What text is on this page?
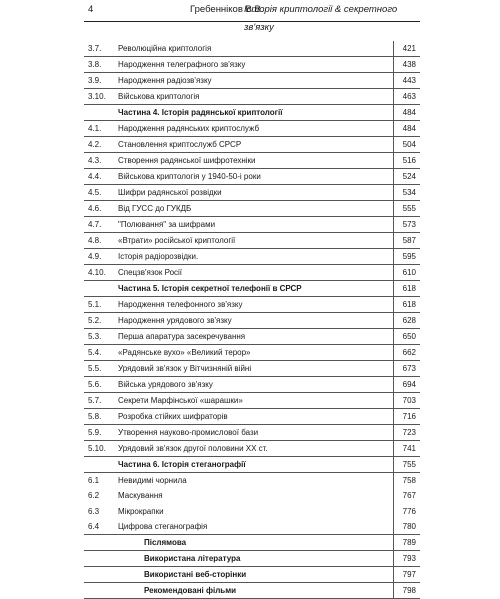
4	Гребенніков В.В.
Історія криптології & секретного зв'язку
3.7.	Революційна криптологія	421
3.8.	Народження телеграфного зв'язку	438
3.9.	Народження радіозв'язку	443
3.10.	Військова криптологія	463
	Частина 4. Історія радянської криптології	484
4.1.	Народження радянських криптослужб	484
4.2.	Становлення криптослужб СРСР	504
4.3.	Створення радянської шифротехніки	516
4.4.	Військова криптологія у 1940-50-і роки	524
4.5.	Шифри радянської розвідки	534
4.6.	Від ГУСС до ГУКДБ	555
4.7.	"Полювання" за шифрами	573
4.8.	«Втрати» російської криптології	587
4.9.	Історія радіорозвідки.	595
4.10.	Спецзв'язок Росії	610
	Частина 5. Історія секретної телефонії в СРСР	618
5.1.	Народження телефонного зв'язку	618
5.2.	Народження урядового зв'язку	628
5.3.	Перша апаратура засекречування	650
5.4.	«Радянське вухо» «Великий терор»	662
5.5.	Урядовий зв'язок у Вітчизняній війні	673
5.6.	Війська урядового зв'язку	694
5.7.	Секрети Марфінської «шарашки»	703
5.8.	Розробка стійких шифраторів	716
5.9.	Утворення науково-промислової бази	723
5.10.	Урядовий зв'язок другої половини XX ст.	741
	Частина 6. Історія стеганографії	755
6.1	Невидимі чорнила	758
6.2	Маскування	767
6.3	Мікрокрапки	776
6.4	Цифрова стеганографія	780
	Післямова	789
	Використана література	793
	Використані веб-сторінки	797
	Рекомендовані фільми	798
